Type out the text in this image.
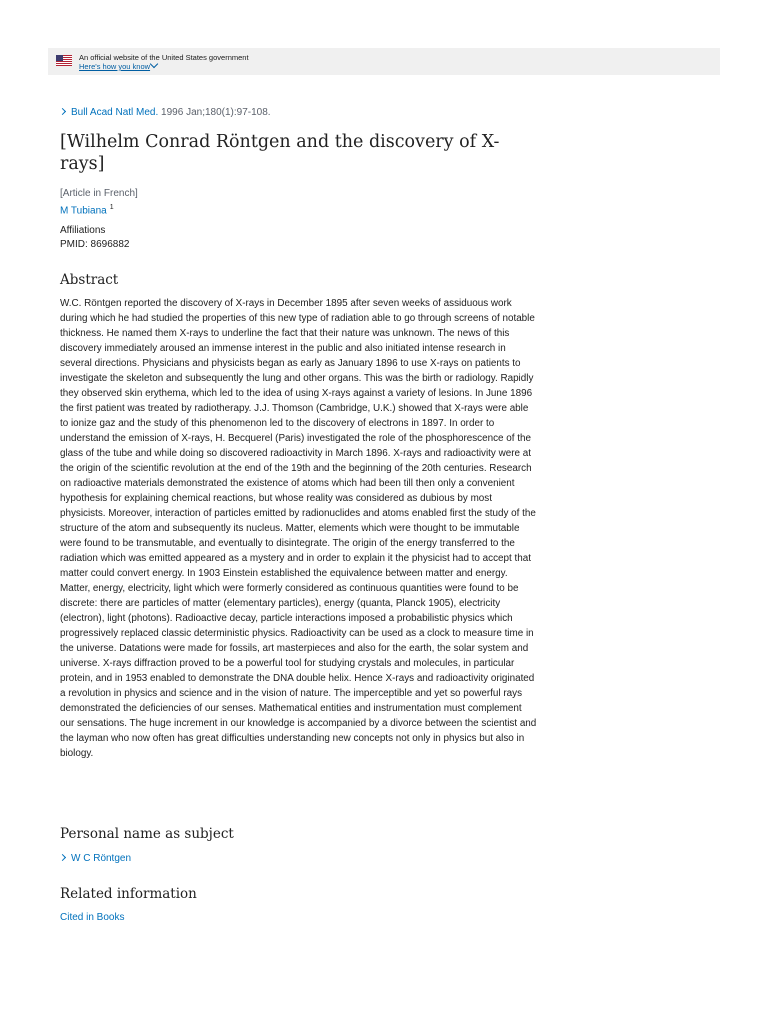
An official website of the United States government
Here's how you know
Bull Acad Natl Med. 1996 Jan;180(1):97-108.
[Wilhelm Conrad Röntgen and the discovery of X-rays]
[Article in French]
M Tubiana $^1$
Affiliations
PMID: 8696882
Abstract

W.C. Röntgen reported the discovery of X-rays in December 1895 after seven weeks of assiduous work during which he had studied the properties of this new type of radiation able to go through screens of notable thickness. He named them X-rays to underline the fact that their nature was unknown. The news of this discovery immediately aroused an immense interest in the public and also initiated intense research in several directions. Physicians and physicists began as early as January 1896 to use X-rays on patients to investigate the skeleton and subsequently the lung and other organs. This was the birth or radiology. Rapidly they observed skin erythema, which led to the idea of using X-rays against a variety of lesions. In June 1896 the first patient was treated by radiotherapy. J.J. Thomson (Cambridge, U.K.) showed that X-rays were able to ionize gaz and the study of this phenomenon led to the discovery of electrons in 1897. In order to understand the emission of X-rays, H. Becquerel (Paris) investigated the role of the phosphorescence of the glass of the tube and while doing so discovered radioactivity in March 1896. X-rays and radioactivity were at the origin of the scientific revolution at the end of the 19th and the beginning of the 20th centuries. Research on radioactive materials demonstrated the existence of atoms which had been till then only a convenient hypothesis for explaining chemical reactions, but whose reality was considered as dubious by most physicists. Moreover, interaction of particles emitted by radionuclides and atoms enabled first the study of the structure of the atom and subsequently its nucleus. Matter, elements which were thought to be immutable were found to be transmutable, and eventually to disintegrate. The origin of the energy transferred to the radiation which was emitted appeared as a mystery and in order to explain it the physicist had to accept that matter could convert energy. In 1903 Einstein established the equivalence between matter and energy. Matter, energy, electricity, light which were formerly considered as continuous quantities were found to be discrete: there are particles of matter (elementary particles), energy (quanta, Planck 1905), electricity (electron), light (photons). Radioactive decay, particle interactions imposed a probabilistic physics which progressively replaced classic deterministic physics. Radioactivity can be used as a clock to measure time in the universe. Datations were made for fossils, art masterpieces and also for the earth, the solar system and universe. X-rays diffraction proved to be a powerful tool for studying crystals and molecules, in particular protein, and in 1953 enabled to demonstrate the DNA double helix. Hence X-rays and radioactivity originated a revolution in physics and science and in the vision of nature. The imperceptible and yet so powerful rays demonstrated the deficiencies of our senses. Mathematical entities and instrumentation must complement our sensations. The huge increment in our knowledge is accompanied by a divorce between the scientist and the layman who now often has great difficulties understanding new concepts not only in physics but also in biology.

Personal name as subject
W C Röntgen
Related information
Cited in Books
